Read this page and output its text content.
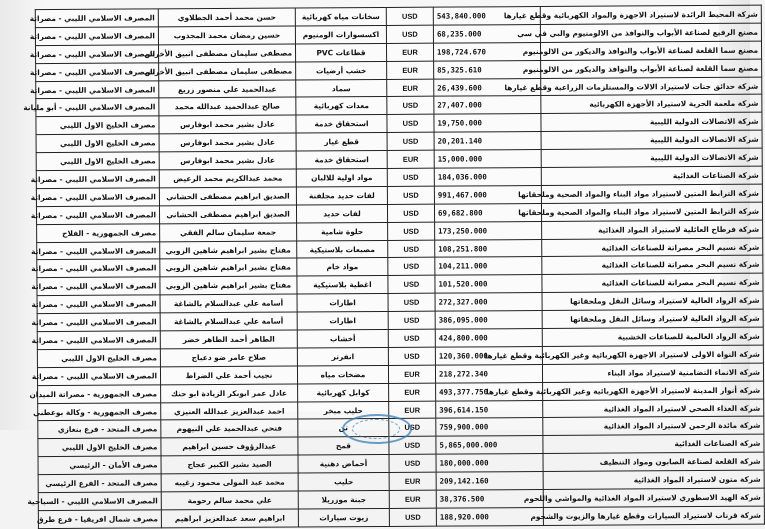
شركة المحيط الرائدة لاستيراد الاجهزة والمواد الكهربائية وقطع غيارها	543,840.000	USD	سخانات مياه كهربائية	حسن محمد أحمد الجطلاوي	المصرف الاسلامي الليبي - مصراتة
مصنع الرفيع لصناعة الأبواب والنوافذ من الالومنيوم والبي في سي	68,235.000	USD	اكسسوارات الومنيوم	حسين رمضان محمد المجذوب	المصرف الاسلامي الليبي - مصراتة
مصنع سما القلعة لصناعة الأبواب والنوافذ والديكور من الالومنيوم	198,724.670	EUR	قطاعات PVC	مصطفى سليمان مصطفى انبيق الأخرش	المصرف الاسلامي الليبي - مصراتة
مصنع سما القلعة لصناعة الأبواب والنوافذ والديكور من الالومنيوم	85,325.610	EUR	خشب أرضيات	مصطفى سليمان مصطفى انبيق الأخرش	المصرف الاسلامي الليبي - مصراتة
شركة حدائق جنات لاستيراد الالات والمستلزمات الزراعية وقطع غيارها	26,439.600	EUR	سماد	عبدالحميد علي منصور زريع	المصرف الاسلامي الليبي - مصراتة
شركة ملعمة الحرية لاستيراد الأجهزة الكهربائية	27,407.000	USD	معدات كهربائية	صالح عبدالحميد عبدالله محمد	المصرف الاسلامي الليبي - أبو مليانة
شركة الاتصالات الدولية الليبية	19,750.000	USD	استحقاق خدمة	عادل بشير محمد ابوفارس	مصرف الخليج الاول الليبي
شركة الاتصالات الدولية الليبية	20,201.140	USD	قطع غيار	عادل بشير محمد ابوفارس	مصرف الخليج الاول الليبي
شركة الاتصالات الدولية الليبية	15,000.000	EUR	استحقاق خدمة	عادل بشير محمد ابوفارس	مصرف الخليج الاول الليبي
شركة الصناعات الغذائية	184,036.000	USD	مواد اولية للالبان	محمد عبدالكريم محمد الرعيض	المصرف الاسلامي الليبي - مصراتة
شركة الترابط المتين لاستيراد مواد البناء والمواد الصحية وملحقاتها	991,467.000	USD	لفات حديد مجلفنة	الصديق ابراهيم مصطفى الحشاني	المصرف الاسلامي الليبي - مصراتة
شركة الترابط المتين لاستيراد مواد البناء والمواد الصحية وملحقاتها	69,682.800	USD	لفات حديد	الصديق ابراهيم مصطفى الحشاني	المصرف الاسلامي الليبي - مصراتة
شركة فرطاح العائلية لاستيراد المواد الغذائية	173,250.000	USD	حلوة شامية	جمعة سليمان سالم الفقي	مصرف الجمهورية - الفلاح
شركة نسيم البحر مصراتة للصناعات الغذائية	108,251.800	USD	مصبعات بلاستيكية	مفتاح بشير ابراهيم شاهين الزوبي	المصرف الاسلامي الليبي - مصراتة
شركة نسيم البحر مصراتة للصناعات الغذائية	104,211.000	USD	مواد خام	مفتاح بشير ابراهيم شاهين الزوبي	المصرف الاسلامي الليبي - مصراتة
شركة نسيم البحر مصراتة للصناعات الغذائية	101,520.000	USD	اغطية بلاستيكية	مفتاح بشير ابراهيم شاهين الزوبي	المصرف الاسلامي الليبي - مصراتة
شركة الرواد العالية لاستيراد وسائل النقل وملحقاتها	272,327.000	USD	اطارات	أسامة علي عبدالسلام بالشاغة	المصرف الاسلامي الليبي - مصراتة
شركة الرواد العالية لاستيراد وسائل النقل وملحقاتها	386,095.000	USD	اطارات	أسامة علي عبدالسلام بالشاغة	المصرف الاسلامي الليبي - مصراتة
شركة الرواد العالمية للصناعات الخشبية	424,800.000	USD	أخشاب	الطاهر أحمد الطاهر خضر	المصرف الاسلامي الليبي - مصراتة
شركة النواة الاولى لاستيراد الاجهزة الكهربائية وغير الكهربائية وقطع غيارها	120,360.000	USD	انفرتر	صلاح عامر ضو دعباج	مصرف الخليج الاول الليبي
شركة الانماء التضامنية لاستيراد مواد البناء	218,272.340	EUR	مضخات مياه	نجيب أحمد علي الضراط	المصرف الاسلامي الليبي - مصراتة
شركة أنوار المدينة لاستيراد الأجهزة الكهربائية وغير الكهربائية وقطع غيارها	493,377.750	EUR	كوابل كهربائية	عادل عمر ابوبكر الزيادة ابو حنك	مصرف الجمهورية - مصراتة الميدان
شركة الغذاء الصحي لاستيراد المواد الغذائية	396,614.150	EUR	حليب مبخر	احمد عبدالعزيز عبدالله العنيزي	مصرف الجمهورية - وكالة بوعطني
شركة مائدة الرحمن لاستيراد المواد الغذائية	759,900.000	USD	تن	فتحي عبدالحميد علي النيهوم	مصرف المتحد - فرع بنغازي
شركة الصناعات الغذائية	5,865,000.000	USD	قمح	عبدالرؤوف حسين ابراهيم	مصرف الخليج الاول الليبي
شركة القلعة لصناعة الصابون ومواد التنظيف	180,000.000	USD	أحماض دهنية	الصيد بشير الكبير عجاج	مصرف الأمان - الرئيسي
شركة متون لاستيراد المواد الغذائية	209,142.160	EUR	حليب	محمد عبد المولى محمود زغيبه	مصرف المتحد - الفرع الرئيسي
شركة الهيد الاسطوري لاستيراد المواد الغذائية والمواشي واللحوم	38,376.500	EUR	جبنة موزريلا	علي محمد سالم رحومة	المصرف الاسلامي الليبي - السياحية
شركة قرناب لاستيراد السيارات وقطع غيارها والزيوت والشحوم	188,920.000	USD	زيوت سيارات	ابراهيم سعد عبدالعزيز ابراهيم	مصرف شمال افريقيا - فرع طرق
